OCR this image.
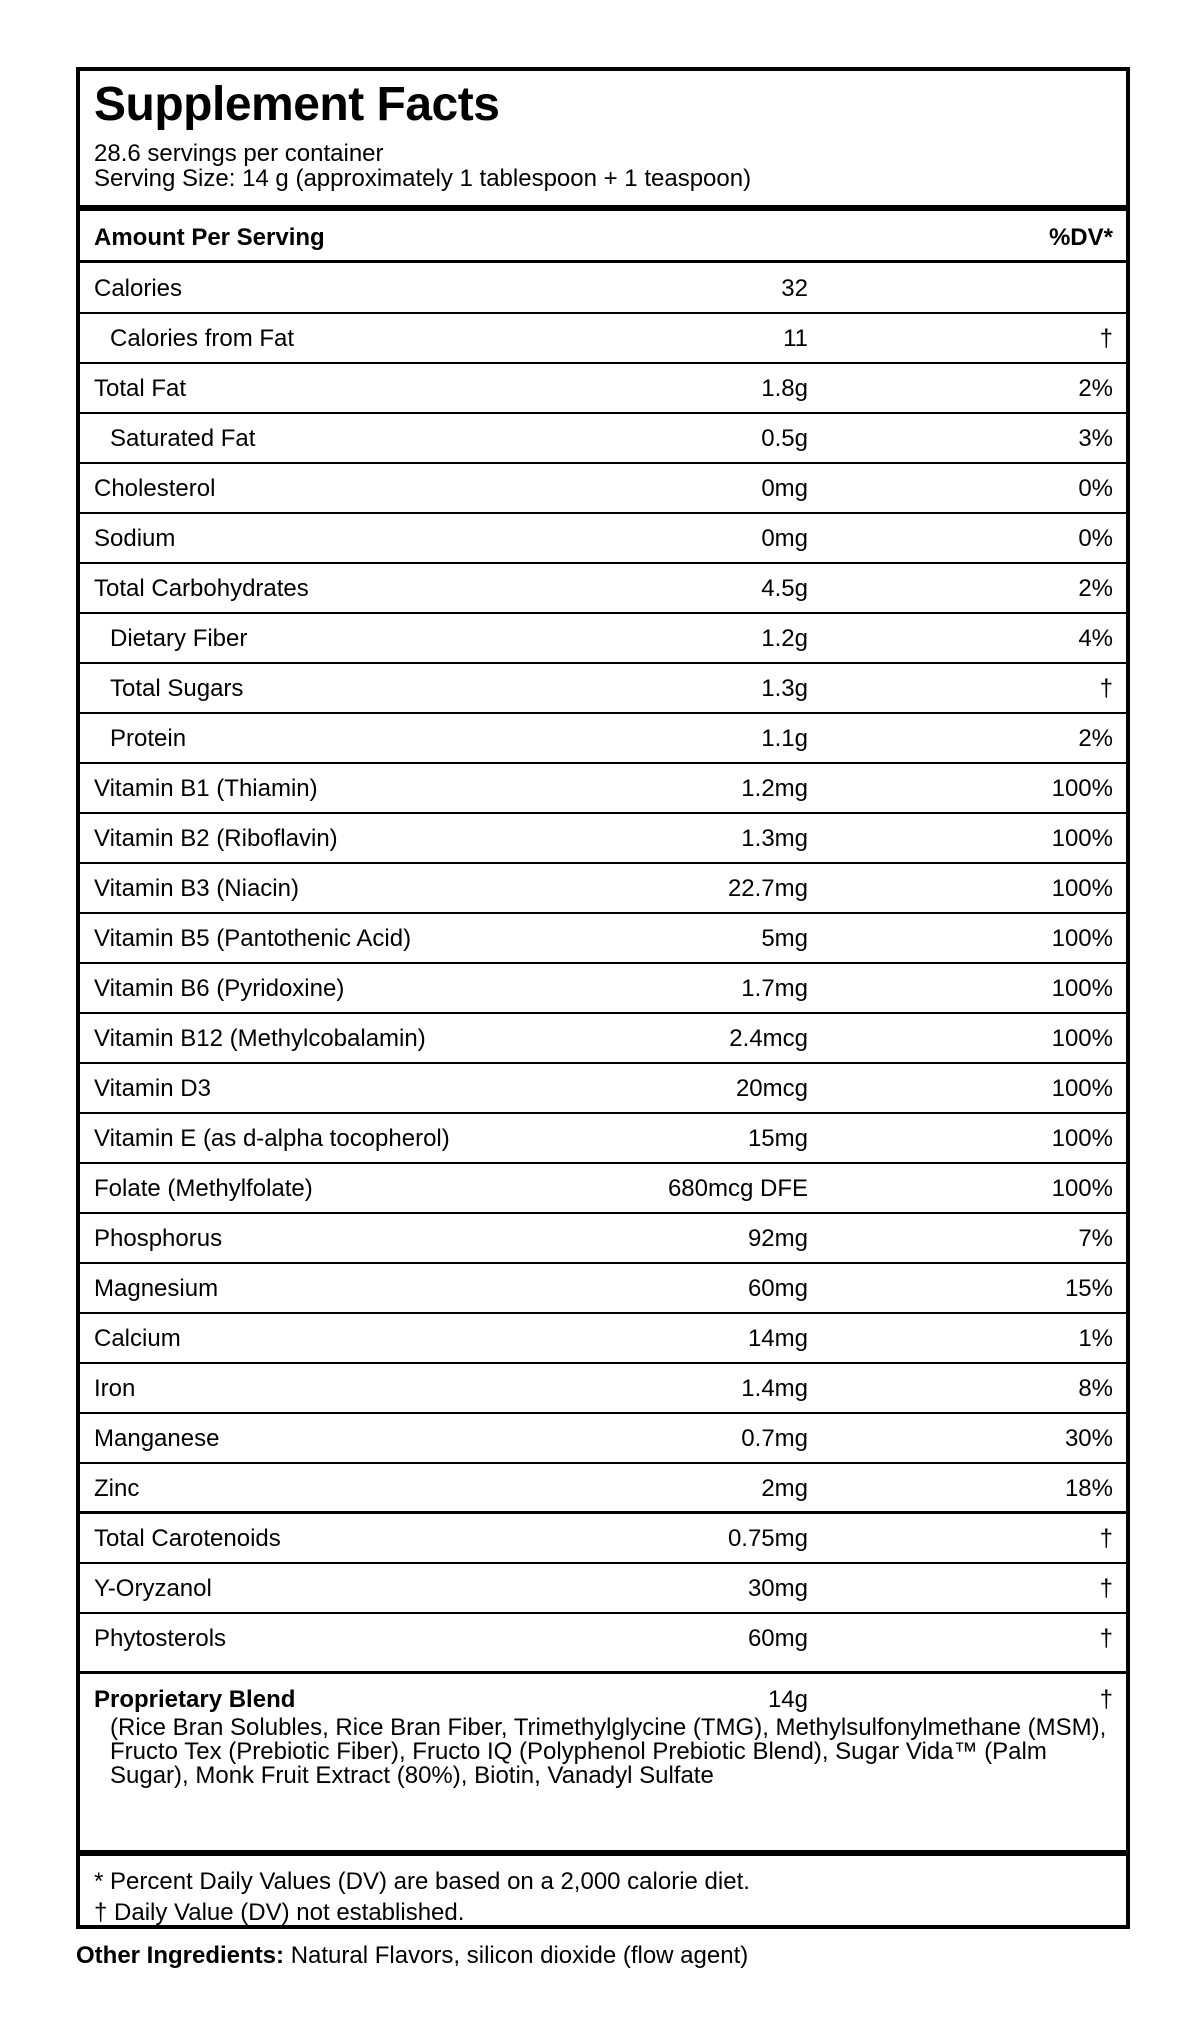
Supplement Facts
28.6 servings per container
Serving Size: 14 g (approximately 1 tablespoon + 1 teaspoon)
Amount Per Serving	%DV*
Calories	32
Calories from Fat	11	†
Total Fat	1.8g	2%
Saturated Fat	0.5g	3%
Cholesterol	0mg	0%
Sodium	0mg	0%
Total Carbohydrates	4.5g	2%
Dietary Fiber	1.2g	4%
Total Sugars	1.3g	†
Protein	1.1g	2%
Vitamin B1 (Thiamin)	1.2mg	100%
Vitamin B2 (Riboflavin)	1.3mg	100%
Vitamin B3 (Niacin)	22.7mg	100%
Vitamin B5 (Pantothenic Acid)	5mg	100%
Vitamin B6 (Pyridoxine)	1.7mg	100%
Vitamin B12 (Methylcobalamin)	2.4mcg	100%
Vitamin D3	20mcg	100%
Vitamin E (as d-alpha tocopherol)	15mg	100%
Folate (Methylfolate)	680mcg DFE	100%
Phosphorus	92mg	7%
Magnesium	60mg	15%
Calcium	14mg	1%
Iron	1.4mg	8%
Manganese	0.7mg	30%
Zinc	2mg	18%
Total Carotenoids	0.75mg	†
Y-Oryzanol	30mg	†
Phytosterols	60mg	†
Proprietary Blend	14g	†
(Rice Bran Solubles, Rice Bran Fiber, Trimethylglycine (TMG), Methylsulfonylmethane (MSM), Fructo Tex (Prebiotic Fiber), Fructo IQ (Polyphenol Prebiotic Blend), Sugar Vida™ (Palm Sugar), Monk Fruit Extract (80%), Biotin, Vanadyl Sulfate
* Percent Daily Values (DV) are based on a 2,000 calorie diet.
† Daily Value (DV) not established.
Other Ingredients: Natural Flavors, silicon dioxide (flow agent)
